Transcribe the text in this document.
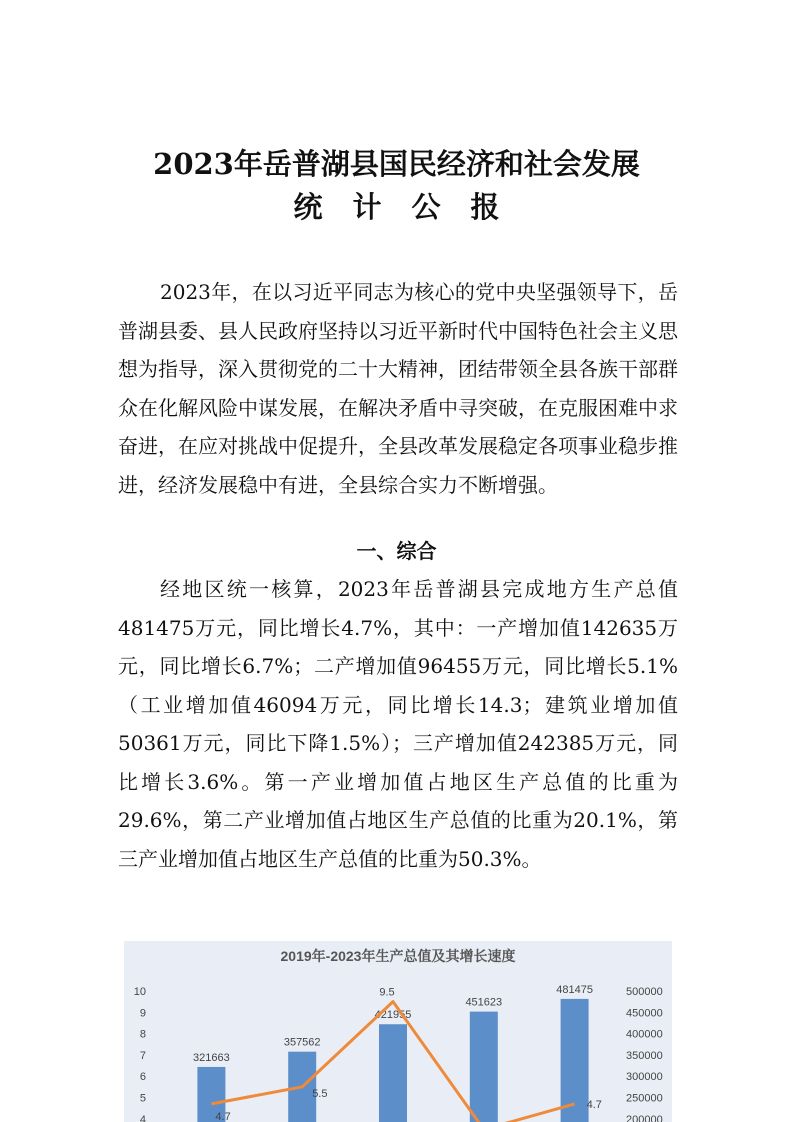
2023年岳普湖县国民经济和社会发展
统计公报

2023年，在以习近平同志为核心的党中央坚强领导下，岳普湖县委、县人民政府坚持以习近平新时代中国特色社会主义思想为指导，深入贯彻党的二十大精神，团结带领全县各族干部群众在化解风险中谋发展，在解决矛盾中寻突破，在克服困难中求奋进，在应对挑战中促提升，全县改革发展稳定各项事业稳步推进，经济发展稳中有进，全县综合实力不断增强。

一、综合

经地区统一核算，2023年岳普湖县完成地方生产总值481475万元，同比增长4.7%，其中：一产增加值142635万元，同比增长6.7%；二产增加值96455万元，同比增长5.1%（工业增加值46094万元，同比增长14.3；建筑业增加值50361万元，同比下降1.5%）；三产增加值242385万元，同比增长3.6%。第一产业增加值占地区生产总值的比重为29.6%，第二产业增加值占地区生产总值的比重为20.1%，第三产业增加值占地区生产总值的比重为50.3%。

2019年-2023年生产总值及其增长速度
10
9
8
7
6
5
4
500000
450000
400000
350000
300000
250000
200000
321663
357562
421955
451623
481475
4.7
5.5
9.5
4.7
